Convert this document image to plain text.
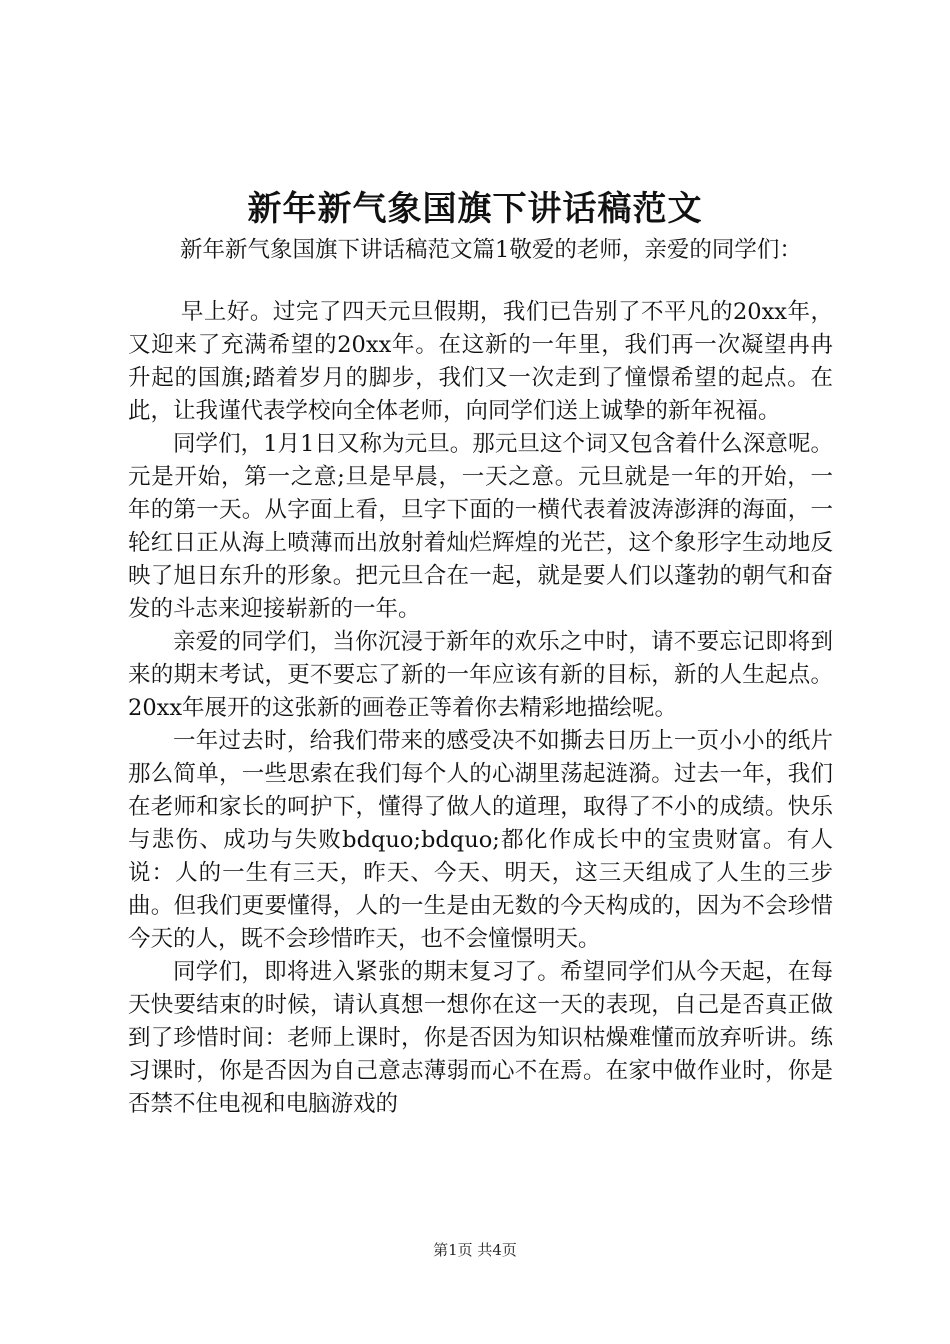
新年新气象国旗下讲话稿范文

新年新气象国旗下讲话稿范文篇1敬爱的老师，亲爱的同学们：

早上好。过完了四天元旦假期，我们已告别了不平凡的20xx年，又迎来了充满希望的20xx年。在这新的一年里，我们再一次凝望冉冉升起的国旗;踏着岁月的脚步，我们又一次走到了憧憬希望的起点。在此，让我谨代表学校向全体老师，向同学们送上诚挚的新年祝福。

同学们，1月1日又称为元旦。那元旦这个词又包含着什么深意呢。元是开始，第一之意;旦是早晨，一天之意。元旦就是一年的开始，一年的第一天。从字面上看，旦字下面的一横代表着波涛澎湃的海面，一轮红日正从海上喷薄而出放射着灿烂辉煌的光芒，这个象形字生动地反映了旭日东升的形象。把元旦合在一起，就是要人们以蓬勃的朝气和奋发的斗志来迎接崭新的一年。

亲爱的同学们，当你沉浸于新年的欢乐之中时，请不要忘记即将到来的期末考试，更不要忘了新的一年应该有新的目标，新的人生起点。20xx年展开的这张新的画卷正等着你去精彩地描绘呢。

一年过去时，给我们带来的感受决不如撕去日历上一页小小的纸片那么简单，一些思索在我们每个人的心湖里荡起涟漪。过去一年，我们在老师和家长的呵护下，懂得了做人的道理，取得了不小的成绩。快乐与悲伤、成功与失败bdquo;bdquo;都化作成长中的宝贵财富。有人说：人的一生有三天，昨天、今天、明天，这三天组成了人生的三步曲。但我们更要懂得，人的一生是由无数的今天构成的，因为不会珍惜今天的人，既不会珍惜昨天，也不会憧憬明天。

同学们，即将进入紧张的期末复习了。希望同学们从今天起，在每天快要结束的时候，请认真想一想你在这一天的表现，自己是否真正做到了珍惜时间：老师上课时，你是否因为知识枯燥难懂而放弃听讲。练习课时，你是否因为自己意志薄弱而心不在焉。在家中做作业时，你是否禁不住电视和电脑游戏的

第1页 共4页
